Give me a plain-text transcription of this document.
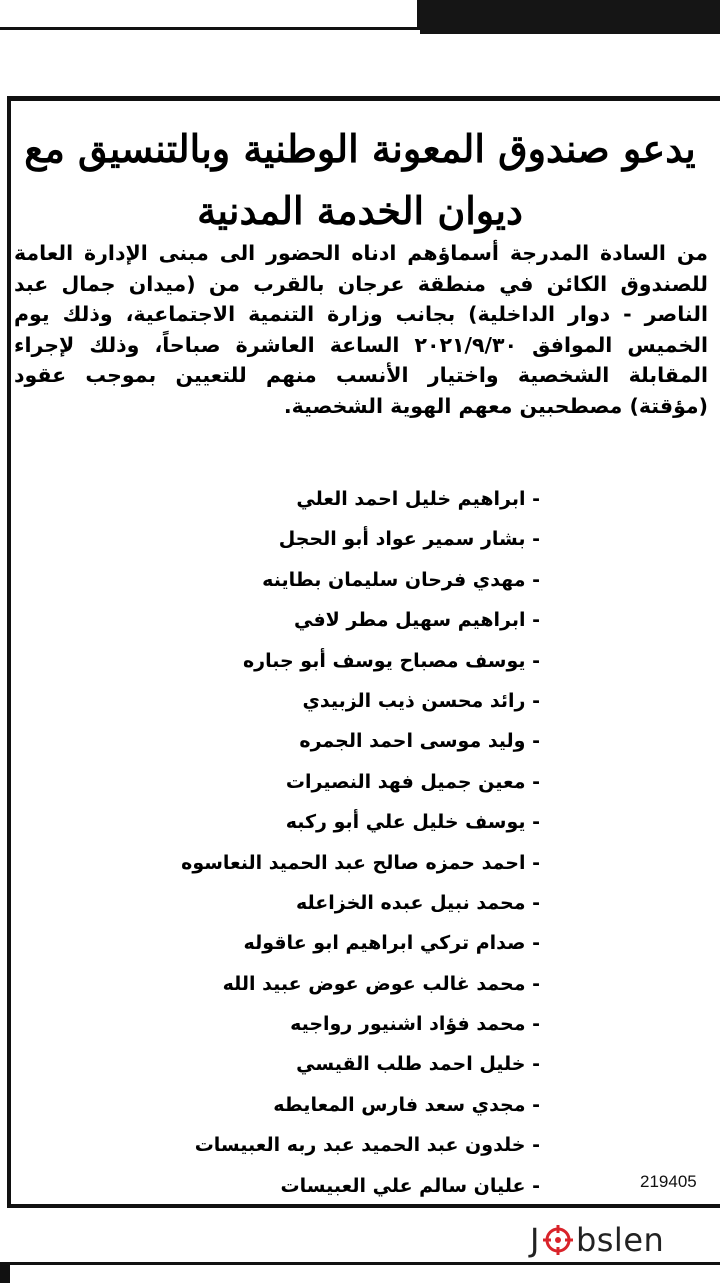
يدعو صندوق المعونة الوطنية وبالتنسيق مع
ديوان الخدمة المدنية
من السادة المدرجة أسماؤهم ادناه الحضور الى مبنى الإدارة العامة للصندوق الكائن في منطقة عرجان بالقرب من (ميدان جمال عبد الناصر - دوار الداخلية) بجانب وزارة التنمية الاجتماعية، وذلك يوم الخميس الموافق ٢٠٢١/٩/٣٠ الساعة العاشرة صباحاً، وذلك لإجراء المقابلة الشخصية واختيار الأنسب منهم للتعيين بموجب عقود (مؤقتة) مصطحبين معهم الهوية الشخصية.
- ابراهيم خليل احمد العلي
- بشار سمير عواد أبو الحجل
- مهدي فرحان سليمان بطاينه
- ابراهيم سهيل مطر لافي
- يوسف مصباح يوسف أبو جباره
- رائد محسن ذيب الزبيدي
- وليد موسى احمد الجمره
- معين جميل فهد النصيرات
- يوسف خليل علي أبو ركبه
- احمد حمزه صالح عبد الحميد النعاسوه
- محمد نبيل عبده الخزاعله
- صدام تركي ابراهيم ابو عاقوله
- محمد غالب عوض عوض عبيد الله
- محمد فؤاد اشنيور رواجيه
- خليل احمد طلب القيسي
- مجدي سعد فارس المعايطه
- خلدون عبد الحميد عبد ربه العبيسات
- عليان سالم علي العبيسات	219405
J bslen
